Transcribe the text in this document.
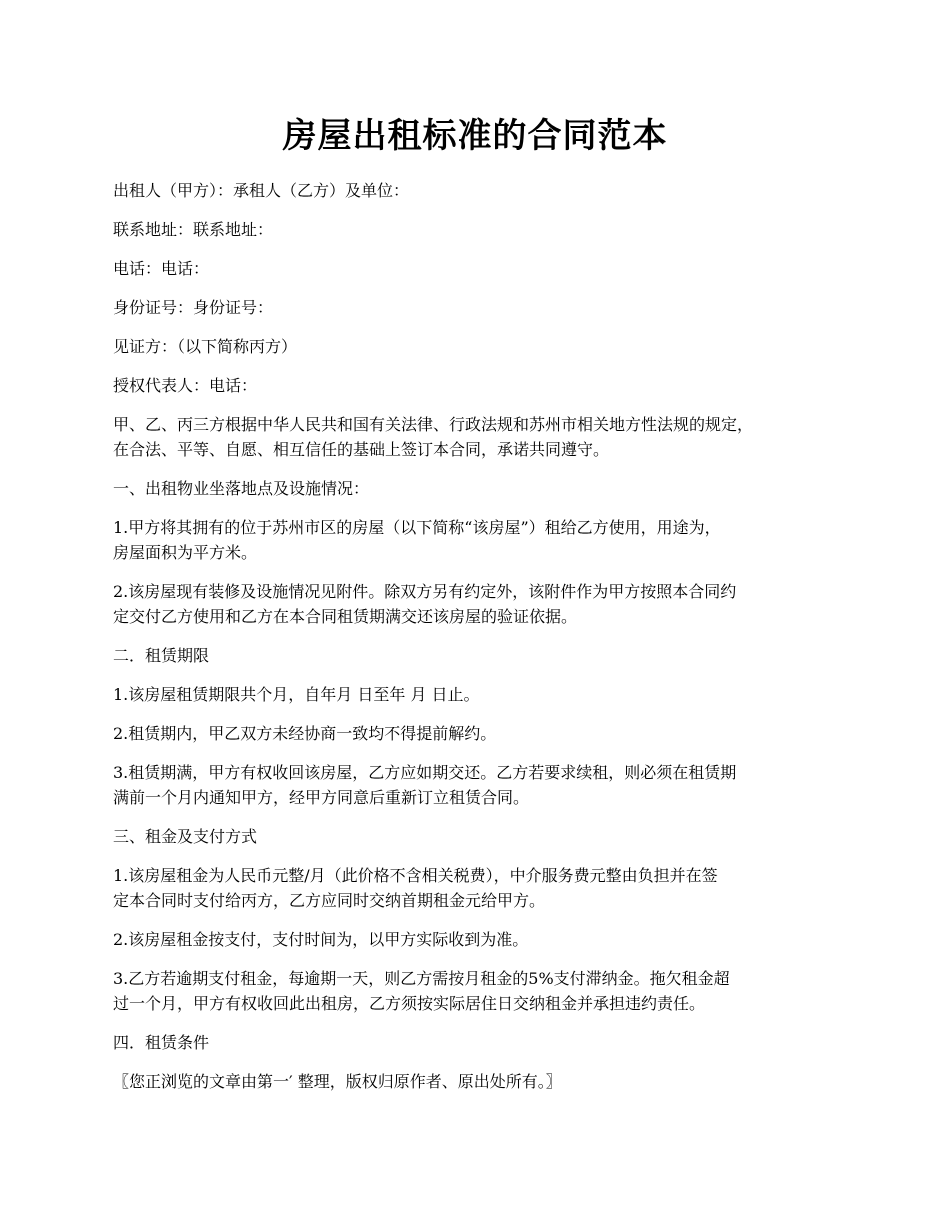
房屋出租标准的合同范本

出租人（甲方）：承租人（乙方）及单位：

联系地址：联系地址：

电话：电话：

身份证号：身份证号：

见证方：（以下简称丙方）

授权代表人：电话：

甲、乙、丙三方根据中华人民共和国有关法律、行政法规和苏州市相关地方性法规的规定，
在合法、平等、自愿、相互信任的基础上签订本合同，承诺共同遵守。

一、出租物业坐落地点及设施情况：

1.甲方将其拥有的位于苏州市区的房屋（以下简称“该房屋”）租给乙方使用，用途为，
房屋面积为平方米。

2.该房屋现有装修及设施情况见附件。除双方另有约定外，该附件作为甲方按照本合同约
定交付乙方使用和乙方在本合同租赁期满交还该房屋的验证依据。

二．租赁期限

1.该房屋租赁期限共个月，自年月 日至年 月 日止。

2.租赁期内，甲乙双方未经协商一致均不得提前解约。

3.租赁期满，甲方有权收回该房屋，乙方应如期交还。乙方若要求续租，则必须在租赁期
满前一个月内通知甲方，经甲方同意后重新订立租赁合同。

三、租金及支付方式

1.该房屋租金为人民币元整/月（此价格不含相关税费），中介服务费元整由负担并在签
定本合同时支付给丙方，乙方应同时交纳首期租金元给甲方。

2.该房屋租金按支付，支付时间为，以甲方实际收到为准。

3.乙方若逾期支付租金，每逾期一天，则乙方需按月租金的5%支付滞纳金。拖欠租金超
过一个月，甲方有权收回此出租房，乙方须按实际居住日交纳租金并承担违约责任。

四．租赁条件

〖您正浏览的文章由第一′ 整理，版权归原作者、原出处所有。〗
